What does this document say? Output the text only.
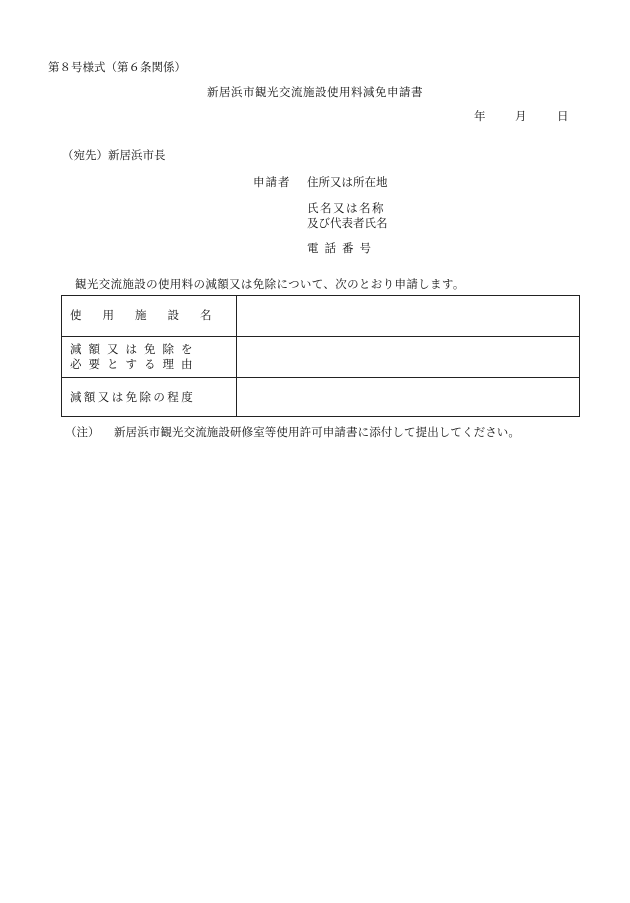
第８号様式（第６条関係）
新居浜市観光交流施設使用料減免申請書
年	月	日
（宛先）新居浜市長
申請者 住所又は所在地
氏名又は名称
及び代表者氏名
電話番号
観光交流施設の使用料の減額又は免除について、次のとおり申請します。
使用施設名
減額又は免除を
必要とする理由
減額又は免除の程度
（注） 新居浜市観光交流施設研修室等使用許可申請書に添付して提出してください。
